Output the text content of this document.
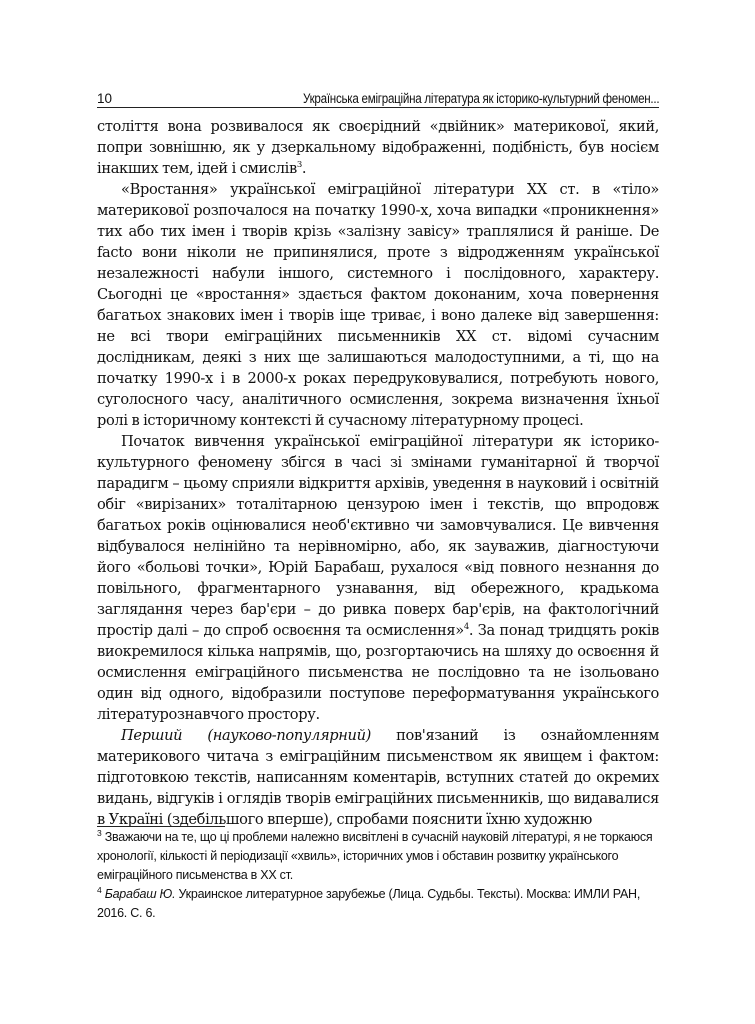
10	Українська еміграційна література як історико-культурний феномен...

століття вона розвивалося як своєрідний «двійник» материкової, який, попри зовнішню, як у дзеркальному відображенні, подібність, був носієм інакших тем, ідей і смислів$^3$.

«Вростання» української еміграційної літератури XX ст. в «тіло» материкової розпочалося на початку 1990-х, хоча випадки «проникнення» тих або тих імен і творів крізь «залізну завісу» траплялися й раніше. De facto вони ніколи не припинялися, проте з відродженням української незалежності набули іншого, системного і послідовного, характеру. Сьогодні це «вростання» здається фактом доконаним, хоча повернення багатьох знакових імен і творів іще триває, і воно далеке від завершення: не всі твори еміграційних письменників XX ст. відомі сучасним дослідникам, деякі з них ще залишаються малодоступними, а ті, що на початку 1990-х і в 2000-х роках передруковувалися, потребують нового, суголосного часу, аналітичного осмислення, зокрема визначення їхньої ролі в історичному контексті й сучасному літературному процесі.

Початок вивчення української еміграційної літератури як історико-культурного феномену збігся в часі зі змінами гуманітарної й творчої парадигм – цьому сприяли відкриття архівів, уведення в науковий і освітній обіг «вирізаних» тоталітарною цензурою імен і текстів, що впродовж багатьох років оцінювалися необ'єктивно чи замовчувалися. Це вивчення відбувалося нелінійно та нерівномірно, або, як зауважив, діагностуючи його «больові точки», Юрій Барабаш, рухалося «від повного незнання до повільного, фрагментарного узнавання, від обережного, крадькома заглядання через бар'єри – до ривка поверх бар'єрів, на фактологічний простір далі – до спроб освоєння та осмислення»$^4$. За понад тридцять років виокремилося кілька напрямів, що, розгортаючись на шляху до освоєння й осмислення еміграційного письменства не послідовно та не ізольовано один від одного, відобразили поступове переформатування українського літературознавчого простору.

Перший (науково-популярний) пов'язаний із ознайомленням материкового читача з еміграційним письменством як явищем і фактом: підготовкою текстів, написанням коментарів, вступних статей до окремих видань, відгуків і оглядів творів еміграційних письменників, що видавалися в Україні (здебільшого вперше), спробами пояснити їхню художню

$^3$ Зважаючи на те, що ці проблеми належно висвітлені в сучасній науковій літературі, я не торкаюся хронології, кількості й періодизації «хвиль», історичних умов і обставин розвитку українського еміграційного письменства в ХХ ст.

$^4$ Барабаш Ю. Украинское литературное зарубежье (Лица. Судьбы. Тексты). Москва: ИМЛИ РАН, 2016. С. 6.
